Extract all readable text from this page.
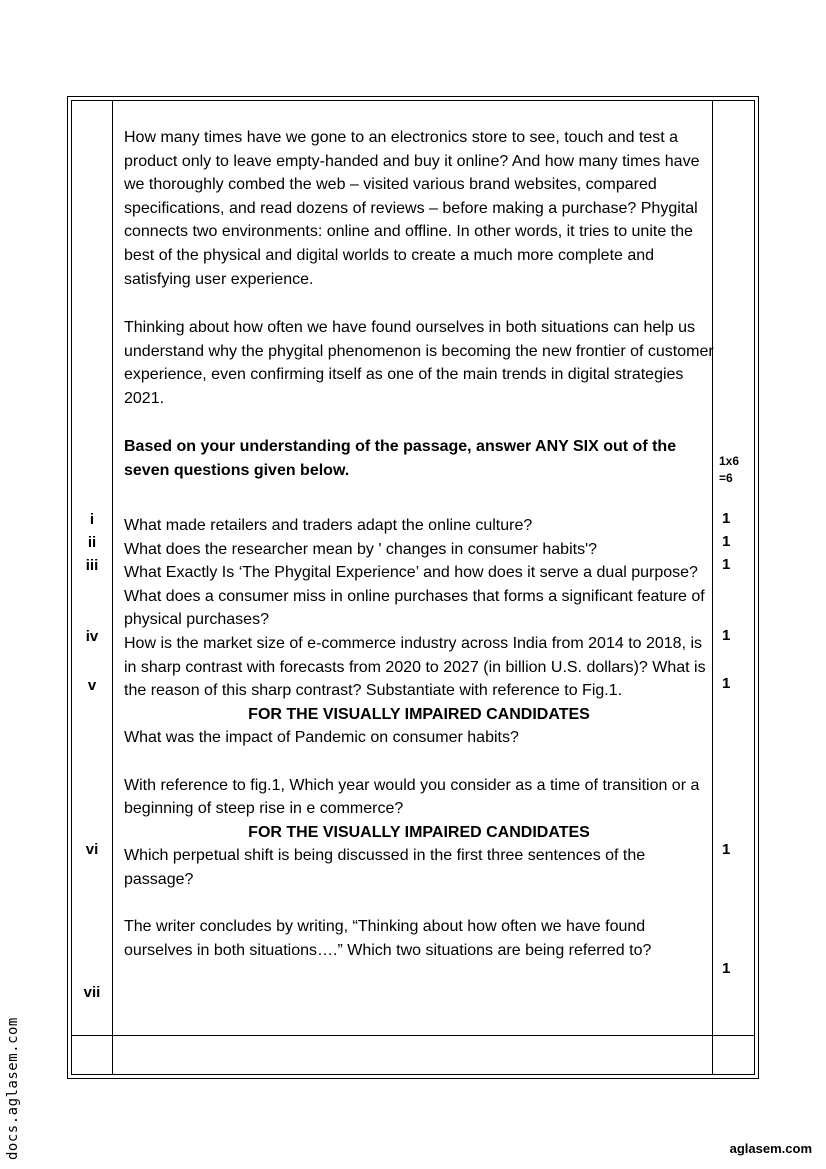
How many times have we gone to an electronics store to see, touch and test a product only to leave empty-handed and buy it online? And how many times have we thoroughly combed the web – visited various brand websites, compared specifications, and read dozens of reviews – before making a purchase? Phygital connects two environments: online and offline. In other words, it tries to unite the best of the physical and digital worlds to create a much more complete and satisfying user experience.

Thinking about how often we have found ourselves in both situations can help us understand why the phygital phenomenon is becoming the new frontier of customer experience, even confirming itself as one of the main trends in digital strategies 2021.

Based on your understanding of the passage, answer ANY SIX out of the seven questions given below.
1x6
=6
i
ii
iii
iv
v
vi
vii
1
1
1
1
1
1
1

What made retailers and traders adapt the online culture?

What does the researcher mean by ' changes in consumer habits'?

What Exactly Is ‘The Phygital Experience’ and how does it serve a dual purpose?

What does a consumer miss in online purchases that forms a significant feature of physical purchases?

How is the market size of e-commerce industry across India from 2014 to 2018, is in sharp contrast with forecasts from 2020 to 2027 (in billion U.S. dollars)? What is the reason of this sharp contrast? Substantiate with reference to Fig.1.

FOR THE VISUALLY IMPAIRED CANDIDATES

What was the impact of Pandemic on consumer habits?

With reference to fig.1, Which year would you consider as a time of transition or a beginning of steep rise in e commerce?

FOR THE VISUALLY IMPAIRED CANDIDATES

Which perpetual shift is being discussed in the first three sentences of the passage?

The writer concludes by writing, “Thinking about how often we have found ourselves in both situations….” Which two situations are being referred to?

aglasem.com
docs.aglasem.com
